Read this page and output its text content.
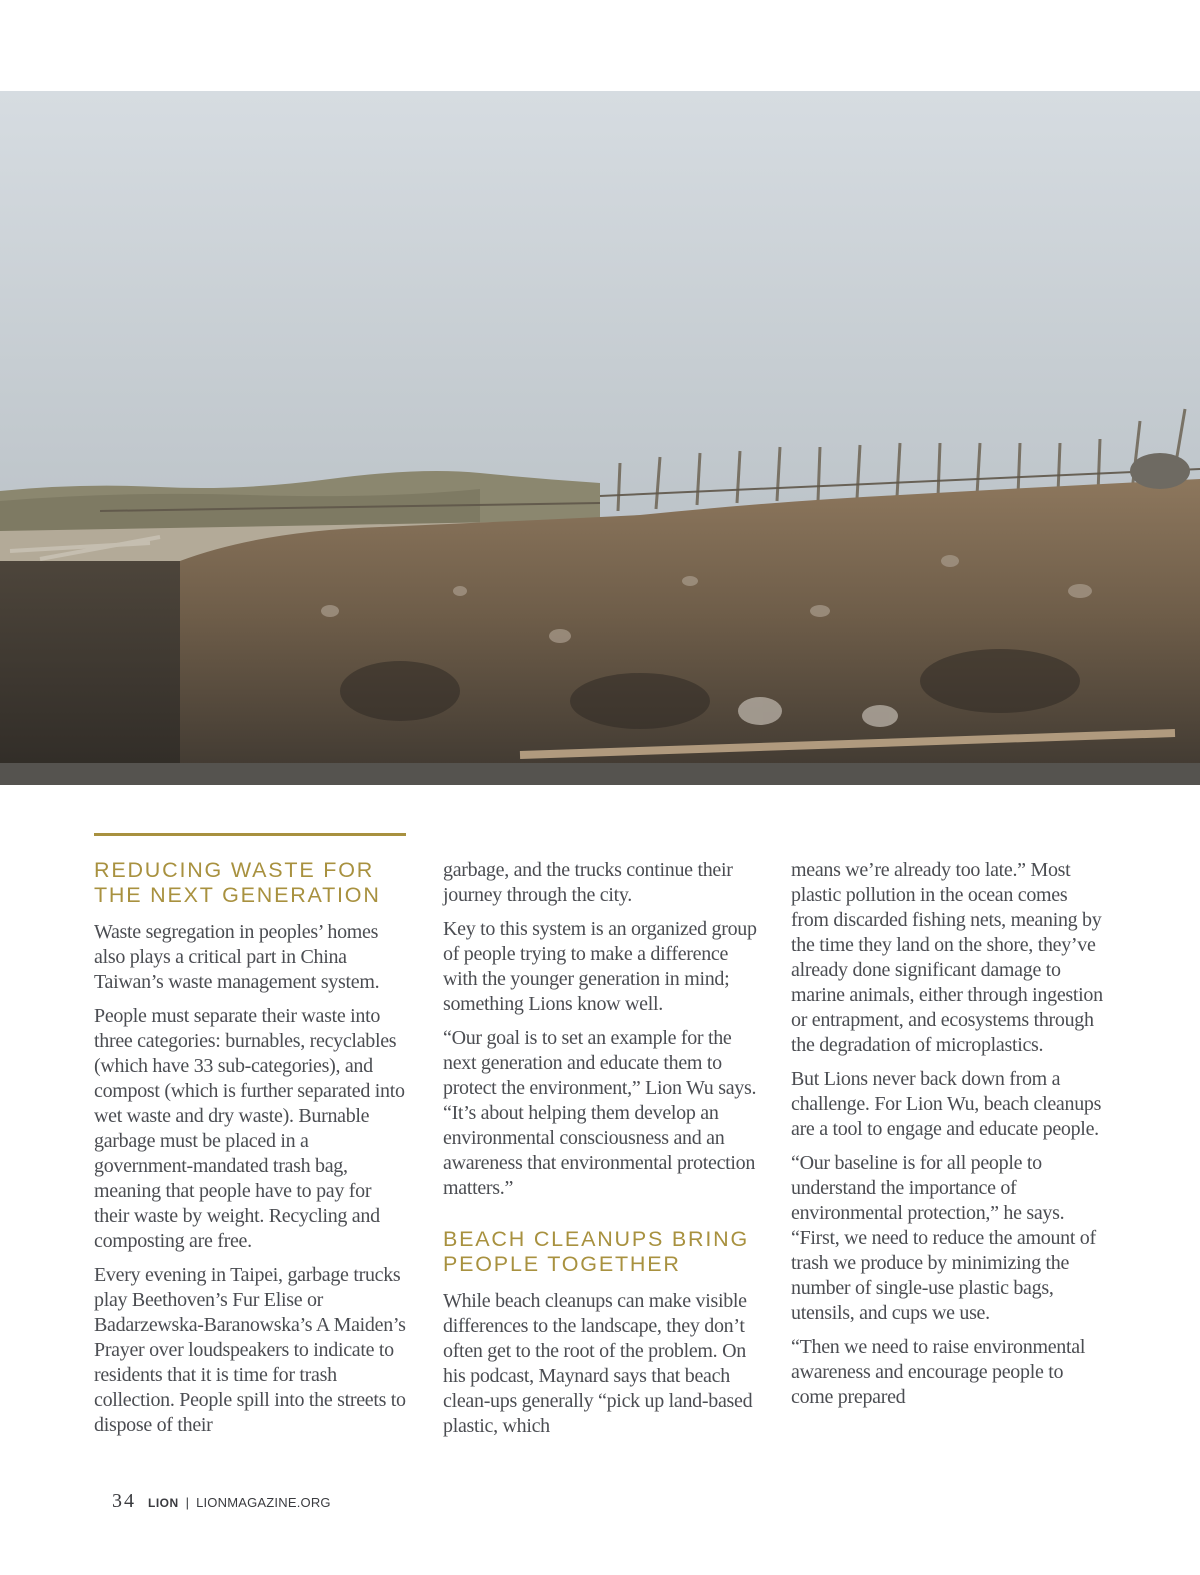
REDUCING WASTE FOR THE NEXT GENERATION

Waste segregation in peoples’ homes also plays a critical part in China Taiwan’s waste management system.

People must separate their waste into three categories: burnables, recyclables (which have 33 sub-categories), and compost (which is further separated into wet waste and dry waste). Burnable garbage must be placed in a government-mandated trash bag, meaning that people have to pay for their waste by weight. Recycling and composting are free.

Every evening in Taipei, garbage trucks play Beethoven’s Fur Elise or Badarzewska-Baranowska’s A Maiden’s Prayer over loudspeakers to indicate to residents that it is time for trash collection. People spill into the streets to dispose of their

garbage, and the trucks continue their journey through the city.

Key to this system is an organized group of people trying to make a difference with the younger generation in mind; something Lions know well.

“Our goal is to set an example for the next generation and educate them to protect the environment,” Lion Wu says. “It’s about helping them develop an environmental consciousness and an awareness that environmental protection matters.”

BEACH CLEANUPS BRING PEOPLE TOGETHER

While beach cleanups can make visible differences to the landscape, they don’t often get to the root of the problem. On his podcast, Maynard says that beach clean-ups generally “pick up land-based plastic, which

means we’re already too late.” Most plastic pollution in the ocean comes from discarded fishing nets, meaning by the time they land on the shore, they’ve already done significant damage to marine animals, either through ingestion or entrapment, and ecosystems through the degradation of microplastics.

But Lions never back down from a challenge. For Lion Wu, beach cleanups are a tool to engage and educate people.

“Our baseline is for all people to understand the importance of environmental protection,” he says. “First, we need to reduce the amount of trash we produce by minimizing the number of single-use plastic bags, utensils, and cups we use.

“Then we need to raise environmental awareness and encourage people to come prepared

34 LION | LIONMAGAZINE.ORG
